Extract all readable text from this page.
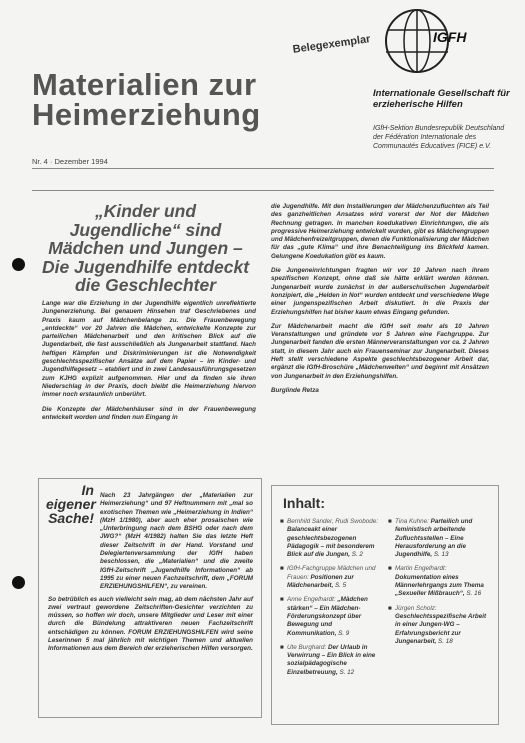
Materialien zur Heimerziehung
Nr. 4 · Dezember 1994
IGFH
Belegexemplar
Internationale Gesellschaft für erzieherische Hilfen
IGfH-Sektion Bundesrepublik Deutschland der Fédération Internationale des Communautés Educatives (FICE) e.V.
„Kinder und Jugendliche“ sind Mädchen und Jungen – Die Jugendhilfe entdeckt die Geschlechter

Lange war die Erziehung in der Jugendhilfe eigentlich unreflektierte Jungenerziehung. Bei genauem Hinsehen traf Geschriebenes und Praxis kaum auf Mädchenbelange zu. Die Frauenbewegung „entdeckte“ vor 20 Jahren die Mädchen, entwickelte Konzepte zur parteilichen Mädchenarbeit und den kritischen Blick auf die Jugendarbeit, die fast ausschließlich als Jungenarbeit stattfand. Nach heftigen Kämpfen und Diskriminierungen ist die Notwendigkeit geschlechtsspezifischer Ansätze auf dem Papier – im Kinder- und Jugendhilfegesetz – etabliert und in zwei Landesausführungsgesetzen zum KJHG explizit aufgenommen. Hier und da finden sie ihren Niederschlag in der Praxis, doch bleibt die Heimerziehung hiervon immer noch erstaunlich unberührt.

Die Konzepte der Mädchenhäuser sind in der Frauenbewegung entwickelt worden und finden nun Eingang in

die Jugendhilfe. Mit den Installierungen der Mädchenzufluchten als Teil des ganzheitlichen Ansatzes wird vorerst der Not der Mädchen Rechnung getragen. In manchen koedukativen Einrichtungen, die als progressive Heimerziehung entwickelt wurden, gibt es Mädchengruppen und Mädchenfreizeitgruppen, denen die Funktionalisierung der Mädchen für das „gute Klima“ und ihre Benachteiligung ins Blickfeld kamen. Gelungene Koedukation gibt es kaum.

Die Jungeneinrichtungen fragten wir vor 10 Jahren nach ihrem spezifischen Konzept, ohne daß sie hätte erklärt werden können. Jungenarbeit wurde zunächst in der außerschulischen Jugendarbeit konzipiert, die „Helden in Not“ wurden entdeckt und verschiedene Wege einer jungenspezifischen Arbeit diskutiert. In die Praxis der Erziehungshilfen hat bisher kaum etwas Eingang gefunden.

Zur Mädchenarbeit macht die IGfH seit mehr als 10 Jahren Veranstaltungen und gründete vor 5 Jahren eine Fachgruppe. Zur Jungenarbeit fanden die ersten Männerveranstaltungen vor ca. 2 Jahren statt, in diesem Jahr auch ein Frauenseminar zur Jungenarbeit. Dieses Heft stellt verschiedene Aspekte geschlechtsbezogener Arbeit dar, ergänzt die IGfH-Broschüre „Mädchenwelten“ und beginnt mit Ansätzen von Jungenarbeit in den Erziehungshilfen.

Burglinde Retza

In eigener Sache!

Nach 23 Jahrgängen der „Materialien zur Heimerziehung“ und 97 Heftnummern mit „mal so exotischen Themen wie „Heimerziehung in Indien“ (MzH 1/1980), aber auch eher prosaischen wie „Unterbringung nach dem BSHG oder nach dem JWG?“ (MzH 4/1982) halten Sie das letzte Heft dieser Zeitschrift in der Hand. Vorstand und Delegiertenversammlung der IGfH haben beschlossen, die „Materialien“ und die zweite IGfH-Zeitschrift „Jugendhilfe Informationen“ ab 1995 zu einer neuen Fachzeitschrift, dem „FORUM ERZIEHUNGSHILFEN“, zu vereinen.

So betrüblich es auch vielleicht sein mag, ab dem nächsten Jahr auf zwei vertraut gewordene Zeitschriften-Gesichter verzichten zu müssen, so hoffen wir doch, unsere Mitglieder und Leser mit einer durch die Bündelung attraktiveren neuen Fachzeitschrift entschädigen zu können. FORUM ERZIEHUNGSHILFEN wird seine Leserinnen 5 mal jährlich mit wichtigen Themen und aktuellen Informationen aus dem Bereich der erzieherischen Hilfen versorgen.

Inhalt:
■ Bernhild Sander, Rudi Swobode: Balanceakt einer geschlechtsbezogenen Pädagogik – mit besonderem Blick auf die Jungen, S. 2
■ IGfH-Fachgruppe Mädchen und Frauen: Positionen zur Mädchenarbeit, S. 5
■ Anne Engelhardt: „Mädchen stärken“ – Ein Mädchen-Förderungskonzept über Bewegung und Kommunikation, S. 9
■ Ute Burghard: Der Urlaub in Verwirrung – Ein Blick in eine sozialpädagogische Einzelbetreuung, S. 12
■ Tina Kuhne: Parteilich und feministisch arbeitende Zufluchtsstellen – Eine Herausforderung an die Jugendhilfe, S. 13
■ Martin Engelhardt: Dokumentation eines Männerlehrgangs zum Thema „Sexueller Mißbrauch“, S. 16
■ Jürgen Scholz: Geschlechtsspezifische Arbeit in einer Jungen-WG – Erfahrungsbericht zur Jungenarbeit, S. 18
